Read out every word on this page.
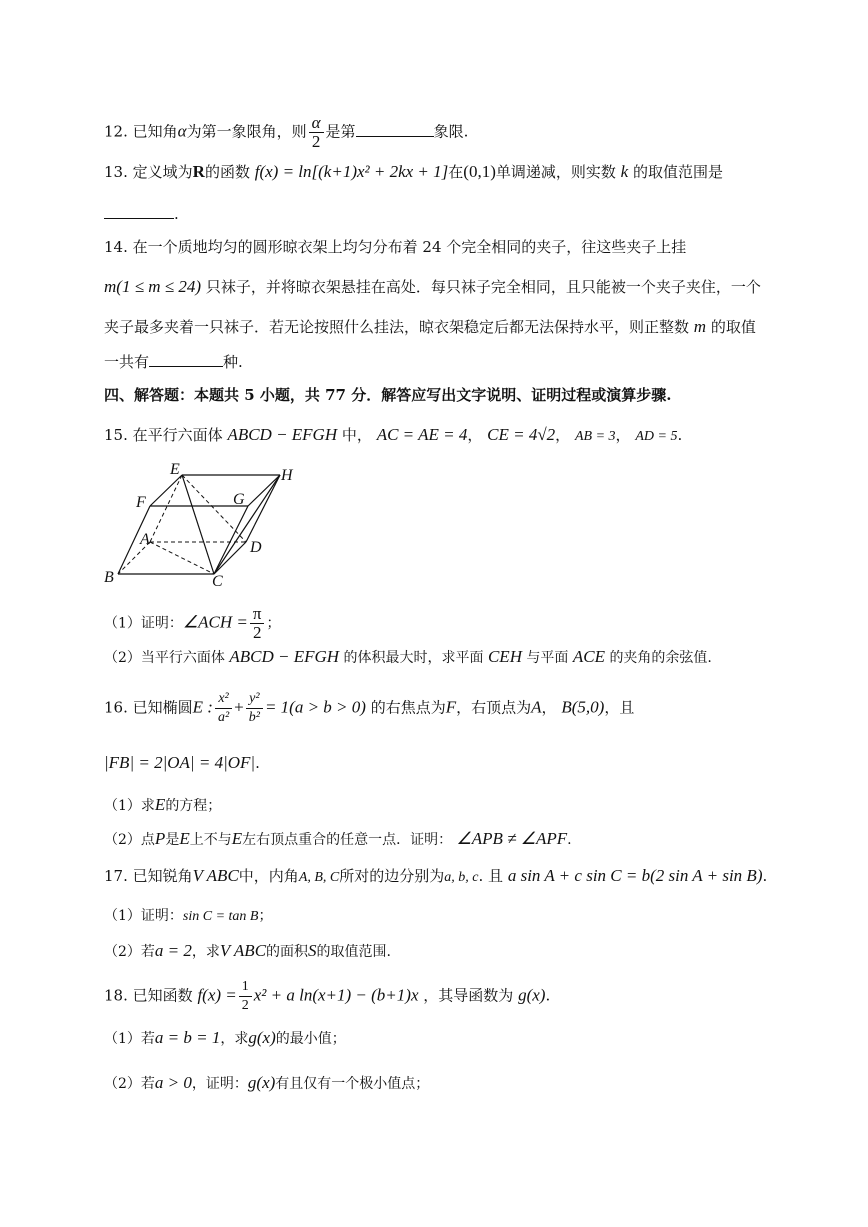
12. 已知角α为第一象限角，则 $\frac{\alpha}{2}$ 是第	象限.
13. 定义域为R的函数 f(x) = ln[(k+1)x² + 2kx + 1]在(0,1)单调递减，则实数 k 的取值范围是
.
14. 在一个质地均匀的圆形晾衣架上均匀分布着 24 个完全相同的夹子，往这些夹子上挂
m(1 ≤ m ≤ 24) 只袜子，并将晾衣架悬挂在高处．每只袜子完全相同，且只能被一个夹子夹住，一个
夹子最多夹着一只袜子．若无论按照什么挂法，晾衣架稳定后都无法保持水平，则正整数 m 的取值
一共有	种.
四、解答题：本题共 5 小题，共 77 分．解答应写出文字说明、证明过程或演算步骤.
15. 在平行六面体 ABCD − EFGH 中， AC = AE = 4， CE = 4√2， AB = 3， AD = 5.
E	H
F	G
A	D
B	C
（1）证明：∠ACH = $\frac{\pi}{2}$ ；
（2）当平行六面体 ABCD − EFGH 的体积最大时，求平面 CEH 与平面 ACE 的夹角的余弦值.
16. 已知椭圆E : $\frac{\text{x²}}{\text{a²}} + \frac{\text{y²}}{\text{b²}} = 1(a > b > 0)$ 的右焦点为F，右顶点为A， B(5,0)，且
|FB| = 2|OA| = 4|OF|.
（1）求E的方程；
（2）点P是E上不与E左右顶点重合的任意一点．证明： ∠APB ≠ ∠APF.
17. 已知锐角V ABC中，内角A, B, C所对的边分别为a, b, c. 且 a sin A + c sin C = b(2 sin A + sin B).
（1）证明：sin C = tan B；
（2）若a = 2，求V ABC的面积S的取值范围.
18. 已知函数 $f(x) = \frac{1}{2} x^2 + a$ ln(x+1) − (b+1)x ，其导函数为 g(x).
（1）若a = b = 1，求g(x)的最小值；
（2）若a > 0，证明：g(x)有且仅有一个极小值点；
